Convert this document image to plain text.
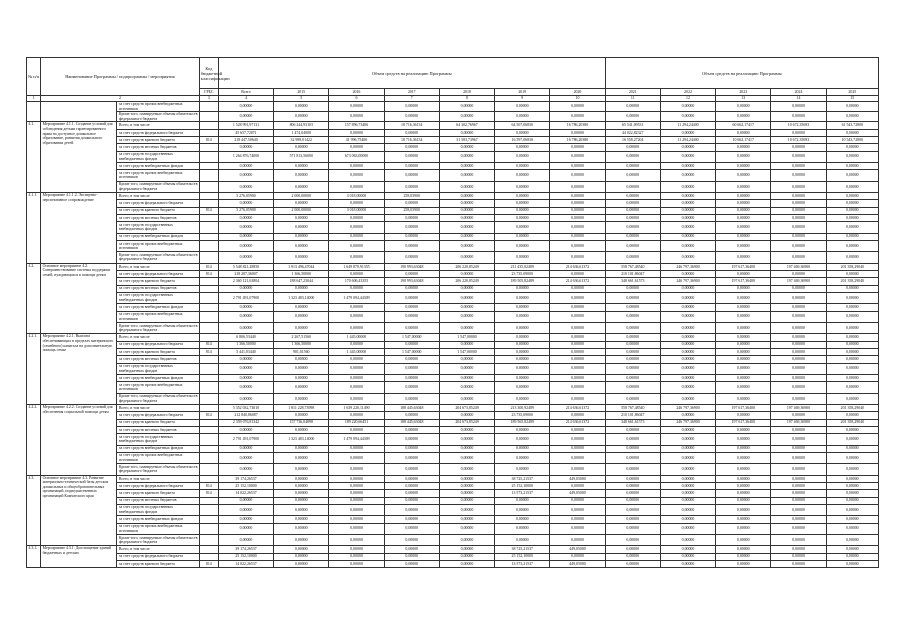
№ п/п	Наименование Программы / подпрограммы / мероприятия		Код бюджетной классификации	Объем средств на реализацию Программы							Объем средств на реализацию Программы				
			ГРБС	Всего	2015	2016	2017	2018	2019	2020	2021	2022	2023	2024	2025
1	2		3	4	5	6	7	8	9	10	11	12	13	14	15
		за счет средств прочих внебюджетных источников		0,00000	0,00000	0,00000	0,00000	0,00000	0,00000	0,00000	0,00000	0,00000	0,00000	0,00000	0,00000
		Кроме того, планируемые объемы обязательств федерального бюджета		0,00000	0,00000	0,00000	0,00000	0,00000	0,00000	0,00000	0,00000	0,00000	0,00000	0,00000	0,00000
4.1.	Мероприятие 4.1.1. Создание условий для соблюдения детьми гарантированного права на доступное дошкольное образование, развития дошкольного образования детей	Всего, в том числе		1 528 991,97131	806 244,93103	157 896,73406	18 716,36134	64 302,76967	64 507,06830	16 786,20380	65 541,09531	11 294,24400	60 662,17417	10 672,35693	61 543,72800
		за счет средств федерального бюджета		45 657,72871	1 474,04000	0,00000	0,00000	0,00000	0,00000	0,00000	44 022,82327	0,00000	0,00000	0,00000	0,00000
		за счет средств краевого бюджета	814	218 447,50640	32 989,01422	41 996,75406	18 716,36134	31 583,73967	16 597,06830	16 786,20380	16 558,27204	11 294,24400	10 662,17417	10 672,35693	10 543,72800
		за счет средств местных бюджетов		0,00000	0,00000	0,00000	0,00000	0,00000	0,00000	0,00000	0,00000	0,00000	0,00000	0,00000	0,00000
		за счет средств государственных внебюджетных фондов		1 264 876,74000	571 813,56000	673 063,00000	0,00000	0,00000	0,00000	0,00000	0,00000	0,00000	0,00000	0,00000	0,00000
		за счет средств внебюджетных фондов		0,00000	0,00000	0,00000	0,00000	0,00000	0,00000	0,00000	0,00000	0,00000	0,00000	0,00000	0,00000
		за счет средств прочих внебюджетных источников		0,00000	0,00000	0,00000	0,00000	0,00000	0,00000	0,00000	0,00000	0,00000	0,00000	0,00000	0,00000
		Кроме того, планируемые объемы обязательств федерального бюджета		0,00000	0,00000	0,00000	0,00000	0,00000	0,00000	0,00000	0,00000	0,00000	0,00000	0,00000	0,00000
4.1.1.	Мероприятие 4.1.1.2. Экспертно-перспективное сопровождение	Всего, в том числе		5 276,05900	2 000,00000	3 018,00000	258,05900	0,00000	0,00000	0,00000	0,00000	0,00000	0,00000	0,00000	0,00000
		за счет средств федерального бюджета		0,00000	0,00000	0,00000	0,00000	0,00000	0,00000	0,00000	0,00000	0,00000	0,00000	0,00000	0,00000
		за счет средств краевого бюджета	814	5 276,05900	2 000,00000	3 018,00000	258,05900	0,00000	0,00000	0,00000	0,00000	0,00000	0,00000	0,00000	0,00000
		за счет средств местных бюджетов		0,00000	0,00000	0,00000	0,00000	0,00000	0,00000	0,00000	0,00000	0,00000	0,00000	0,00000	0,00000
		за счет средств государственных внебюджетных фондов		0,00000	0,00000	0,00000	0,00000	0,00000	0,00000	0,00000	0,00000	0,00000	0,00000	0,00000	0,00000
		за счет средств внебюджетных фондов		0,00000	0,00000	0,00000	0,00000	0,00000	0,00000	0,00000	0,00000	0,00000	0,00000	0,00000	0,00000
		за счет средств прочих внебюджетных источников		0,00000	0,00000	0,00000	0,00000	0,00000	0,00000	0,00000	0,00000	0,00000	0,00000	0,00000	0,00000
		Кроме того, планируемые объемы обязательств федерального бюджета		0,00000	0,00000	0,00000	0,00000	0,00000	0,00000	0,00000	0,00000	0,00000	0,00000	0,00000	0,00000
4.2.	Основное мероприятие 4.2. Совершенствование системы поддержки семей, нуждающихся в помощи детям	Всего, в том числе	814	5 548 821,28850	1 913 496,47044	1 649 870,91355	190 993,63048	206 220,85249	211 435,02489	214 636,61372	558 767,48540	246 797,36900	197 617,36400	197 469,36900	201 358,29040
		за счет средств федерального бюджета	814	218 207,36007	1 366,50000	0,00000	0,00000	0,00000	23 735,09000	0,00000	210 101,86047	0,00000	0,00000	0,00000	0,00000
		за счет средств краевого бюджета		2 360 121,63804	188 647,23044	170 606,43355	190 993,63048	206 220,85249	189 505,82489	214 636,61372	348 661,61573	246 797,36900	197 617,36400	197 469,36900	201 358,29040
		за счет средств местных бюджетов		0,00000	0,00000	0,00000	0,00000	0,00000	0,00000	0,00000	0,00000	0,00000	0,00000	0,00000	0,00000
		за счет средств государственных внебюджетных фондов		2 791 491,07900	1 323 483,14000	1 479 094,44309	0,00000	0,00000	0,00000	0,00000	0,00000	0,00000	0,00000	0,00000	0,00000
		за счет средств внебюджетных фондов		0,00000	0,00000	0,00000	0,00000	0,00000	0,00000	0,00000	0,00000	0,00000	0,00000	0,00000	0,00000
		за счет средств прочих внебюджетных источников		0,00000	0,00000	0,00000	0,00000	0,00000	0,00000	0,00000	0,00000	0,00000	0,00000	0,00000	0,00000
		Кроме того, планируемые объемы обязательств федерального бюджета		0,00000	0,00000	0,00000	0,00000	0,00000	0,00000	0,00000	0,00000	0,00000	0,00000	0,00000	0,00000
4.2.1.	Мероприятие 4.2.1. Выплата обеспечивающих в пределах материнского (семейного) капитала на дополнительную помощь семье	Всего, в том числе		6 806,53440	2 267,51560	1 445,00000	1 547,00000	1 547,00000	0,00000	0,00000	0,00000	0,00000	0,00000	0,00000	0,00000
		за счет средств федерального бюджета	814	1 366,50000	1 366,50000	0,00000	0,00000	0,00000	0,00000	0,00000	0,00000	0,00000	0,00000	0,00000	0,00000
		за счет средств краевого бюджета	814	5 441,03440	901,01560	1 445,00000	1 547,00000	1 547,00000	0,00000	0,00000	0,00000	0,00000	0,00000	0,00000	0,00000
		за счет средств местных бюджетов		0,00000	0,00000	0,00000	0,00000	0,00000	0,00000	0,00000	0,00000	0,00000	0,00000	0,00000	0,00000
		за счет средств государственных внебюджетных фондов		0,00000	0,00000	0,00000	0,00000	0,00000	0,00000	0,00000	0,00000	0,00000	0,00000	0,00000	0,00000
		за счет средств внебюджетных фондов		0,00000	0,00000	0,00000	0,00000	0,00000	0,00000	0,00000	0,00000	0,00000	0,00000	0,00000	0,00000
		за счет средств прочих внебюджетных источников		0,00000	0,00000	0,00000	0,00000	0,00000	0,00000	0,00000	0,00000	0,00000	0,00000	0,00000	0,00000
		Кроме того, планируемые объемы обязательств федерального бюджета		0,00000	0,00000	0,00000	0,00000	0,00000	0,00000	0,00000	0,00000	0,00000	0,00000	0,00000	0,00000
4.2.2.	Мероприятие 4.2.2. Создание условий для обеспечения социальной помощи детям	Всего, в том числе		5 352 032,73010	1 811 228,73998	1 639 220,11490	188 445,63048	204 673,85249	213 300,92489	214 636,61372	558 767,48540	246 797,36900	197 617,36400	197 469,36900	201 358,29040
		за счет средств федерального бюджета	814	212 840,86087	0,00000	0,00000	0,00000	0,00000	23 735,09000	0,00000	210 101,86047	0,00000	0,00000	0,00000	0,00000
		за счет средств краевого бюджета		2 359 076,81342	157 736,04898	189 220,66451	188 445,63048	204 673,85249	189 565,82489	214 636,61372	348 661,61573	246 797,36900	197 617,36400	197 469,36900	201 358,29040
		за счет средств местных бюджетов		0,00000	0,00000	0,00000	0,00000	0,00000	0,00000	0,00000	0,00000	0,00000	0,00000	0,00000	0,00000
		за счет средств государственных внебюджетных фондов		2 791 491,07900	1 323 483,14000	1 479 094,44309	0,00000	0,00000	0,00000	0,00000	0,00000	0,00000	0,00000	0,00000	0,00000
		за счет средств внебюджетных фондов		0,00000	0,00000	0,00000	0,00000	0,00000	0,00000	0,00000	0,00000	0,00000	0,00000	0,00000	0,00000
		за счет средств прочих внебюджетных источников		0,00000	0,00000	0,00000	0,00000	0,00000	0,00000	0,00000	0,00000	0,00000	0,00000	0,00000	0,00000
		Кроме того, планируемые объемы обязательств федерального бюджета		0,00000	0,00000	0,00000	0,00000	0,00000	0,00000	0,00000	0,00000	0,00000	0,00000	0,00000	0,00000
4.3.	Основное мероприятие 4.3. Развитие материально-технической базы детских дошкольных и общеобразовательных организаций, подведомственных организаций Камчатского края	Всего, в том числе		39 174,26537	0,00000	0,00000	0,00000	0,00000	38 725,21537	449,05000	0,00000	0,00000	0,00000	0,00000	0,00000
		за счет средств федерального бюджета	814	25 152,10000	0,00000	0,00000	0,00000	0,00000	25 152,10000	0,00000	0,00000	0,00000	0,00000	0,00000	0,00000
		за счет средств краевого бюджета	814	14 022,26537	0,00000	0,00000	0,00000	0,00000	13 573,21537	449,05000	0,00000	0,00000	0,00000	0,00000	0,00000
		за счет средств местных бюджетов		0,00000	0,00000	0,00000	0,00000	0,00000	0,00000	0,00000	0,00000	0,00000	0,00000	0,00000	0,00000
		за счет средств государственных внебюджетных фондов		0,00000	0,00000	0,00000	0,00000	0,00000	0,00000	0,00000	0,00000	0,00000	0,00000	0,00000	0,00000
		за счет средств внебюджетных фондов		0,00000	0,00000	0,00000	0,00000	0,00000	0,00000	0,00000	0,00000	0,00000	0,00000	0,00000	0,00000
		за счет средств прочих внебюджетных источников		0,00000	0,00000	0,00000	0,00000	0,00000	0,00000	0,00000	0,00000	0,00000	0,00000	0,00000	0,00000
		Кроме того, планируемые объемы обязательств федерального бюджета		0,00000	0,00000	0,00000	0,00000	0,00000	0,00000	0,00000	0,00000	0,00000	0,00000	0,00000	0,00000
4.3.1.	Мероприятие 4.3.1. Дооснащение зданий бюджетных и детских	Всего, в том числе		39 174,26537	0,00000	0,00000	0,00000	0,00000	38 725,21537	449,05000	0,00000	0,00000	0,00000	0,00000	0,00000
		за счет средств федерального бюджета		25 152,10000	0,00000	0,00000	0,00000	0,00000	25 152,10000	0,00000	0,00000	0,00000	0,00000	0,00000	0,00000
		за счет средств краевого бюджета	814	14 022,26537	0,00000	0,00000	0,00000	0,00000	13 573,21537	449,05000	0,00000	0,00000	0,00000	0,00000	0,00000
